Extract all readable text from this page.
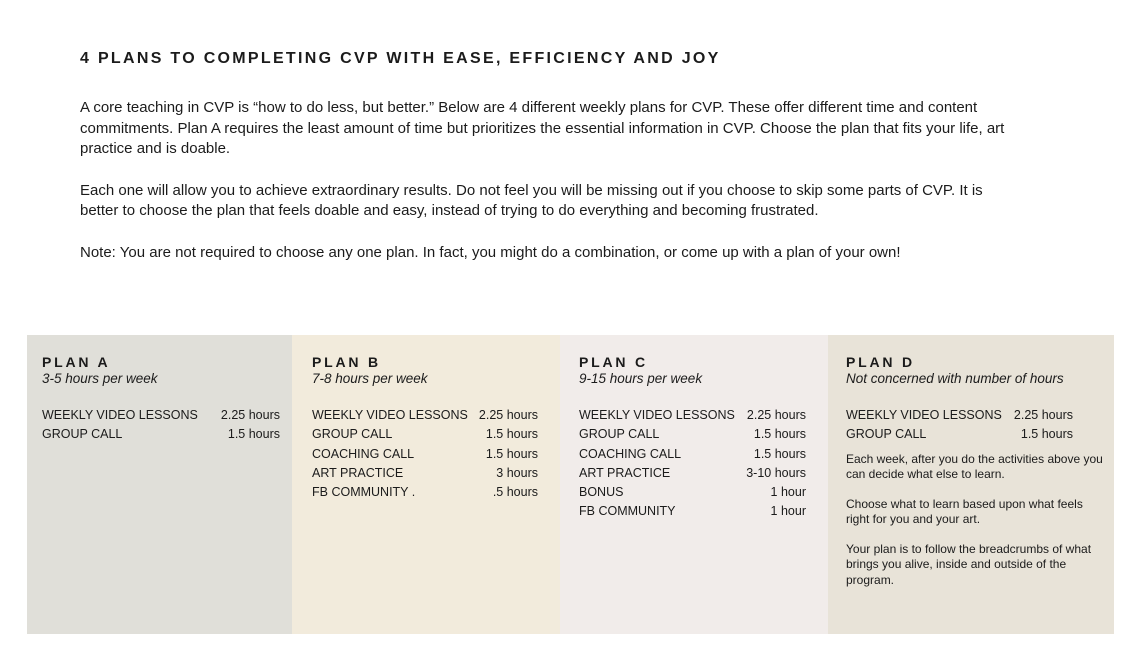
4 PLANS TO COMPLETING CVP WITH EASE, EFFICIENCY AND JOY

A core teaching in CVP is “how to do less, but better.” Below are 4 different weekly plans for CVP. These offer different time and content commitments. Plan A requires the least amount of time but prioritizes the essential information in CVP. Choose the plan that fits your life, art practice and is doable.

Each one will allow you to achieve extraordinary results. Do not feel you will be missing out if you choose to skip some parts of CVP. It is better to choose the plan that feels doable and easy, instead of trying to do everything and becoming frustrated.

Note: You are not required to choose any one plan. In fact, you might do a combination, or come up with a plan of your own!

PLAN A
3-5 hours per week
WEEKLY VIDEO LESSONS 2.25 hours
GROUP CALL	1.5 hours
PLAN B
7-8 hours per week
WEEKLY VIDEO LESSONS 2.25 hours
GROUP CALL	1.5 hours
COACHING CALL	1.5 hours
ART PRACTICE	3 hours
FB COMMUNITY .	.5 hours
PLAN C
9-15 hours per week
WEEKLY VIDEO LESSONS 2.25 hours
GROUP CALL	1.5 hours
COACHING CALL	1.5 hours
ART PRACTICE	3-10 hours
BONUS	1 hour
FB COMMUNITY	1 hour
PLAN D
Not concerned with number of hours
WEEKLY VIDEO LESSONS 2.25 hours
GROUP CALL	1.5 hours

Each week, after you do the activities above you can decide what else to learn.

Choose what to learn based upon what feels right for you and your art.

Your plan is to follow the breadcrumbs of what brings you alive, inside and outside of the program.
